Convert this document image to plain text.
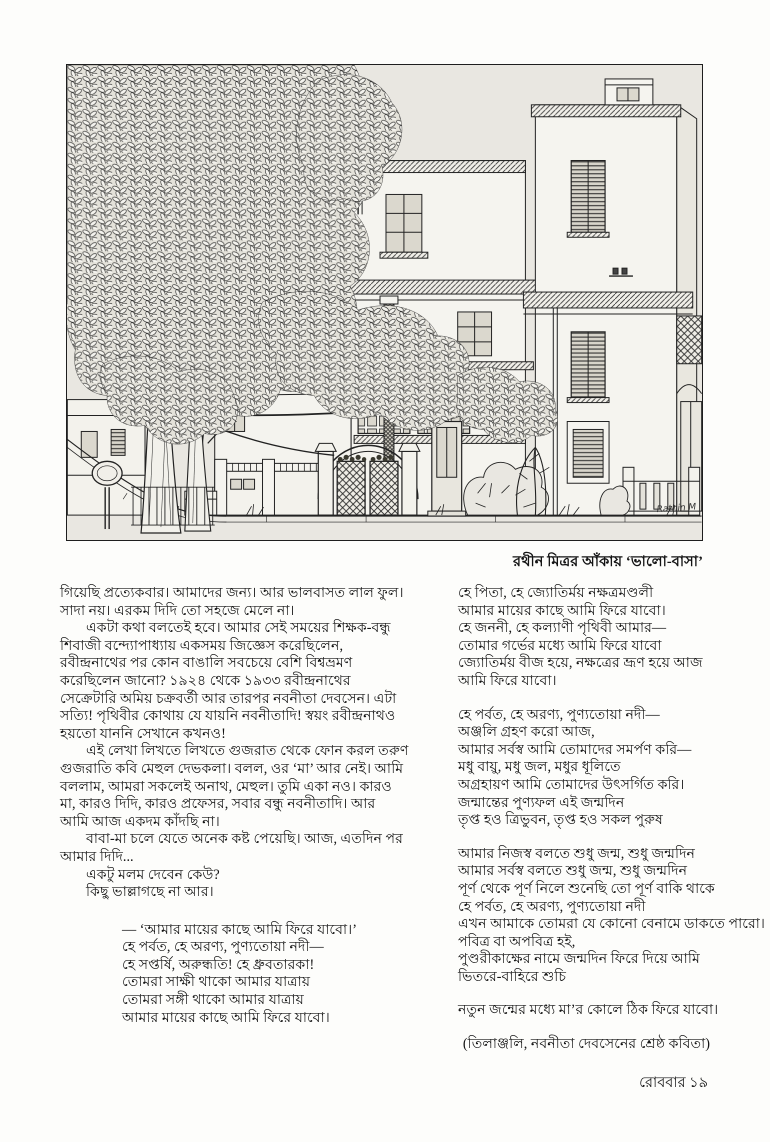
Rathin M
রথীন মিত্রর আঁকায় ‘ভালো-বাসা’
গিয়েছি প্রত্যেকবার। আমাদের জন্য। আর ভালবাসত লাল ফুল।
সাদা নয়। এরকম দিদি তো সহজে মেলে না।
একটা কথা বলতেই হবে। আমার সেই সময়ের শিক্ষক-বন্ধু
শিবাজী বন্দ্যোপাধ্যায় একসময় জিজ্ঞেস করেছিলেন,
রবীন্দ্রনাথের পর কোন বাঙালি সবচেয়ে বেশি বিশ্বভ্রমণ
করেছিলেন জানো? ১৯২৪ থেকে ১৯৩৩ রবীন্দ্রনাথের
সেক্রেটারি অমিয় চক্রবর্তী আর তারপর নবনীতা দেবসেন। এটা
সত্যি! পৃথিবীর কোথায় যে যায়নি নবনীতাদি! স্বয়ং রবীন্দ্রনাথও
হয়তো যাননি সেখানে কখনও!
এই লেখা লিখতে লিখতে গুজরাত থেকে ফোন করল তরুণ
গুজরাতি কবি মেহুল দেভকলা। বলল, ওর ‘মা’ আর নেই। আমি
বললাম, আমরা সকলেই অনাথ, মেহুল। তুমি একা নও। কারও
মা, কারও দিদি, কারও প্রফেসর, সবার বন্ধু নবনীতাদি। আর
আমি আজ একদম কাঁদছি না।
বাবা-মা চলে যেতে অনেক কষ্ট পেয়েছি। আজ, এতদিন পর
আমার দিদি...
একটু মলম দেবেন কেউ?
কিছু ভাল্লাগছে না আর।
— ‘আমার মায়ের কাছে আমি ফিরে যাবো।’
হে পর্বত, হে অরণ্য, পুণ্যতোয়া নদী—
হে সপ্তর্ষি, অরুন্ধতি! হে ধ্রুবতারকা!
তোমরা সাক্ষী থাকো আমার যাত্রায়
তোমরা সঙ্গী থাকো আমার যাত্রায়
আমার মায়ের কাছে আমি ফিরে যাবো।
হে পিতা, হে জ্যোতির্ময় নক্ষত্রমণ্ডলী
আমার মায়ের কাছে আমি ফিরে যাবো।
হে জননী, হে কল্যাণী পৃথিবী আমার—
তোমার গর্ভের মধ্যে আমি ফিরে যাবো
জ্যোতির্ময় বীজ হয়ে, নক্ষত্রের ভ্রূণ হয়ে আজ
আমি ফিরে যাবো।
হে পর্বত, হে অরণ্য, পুণ্যতোয়া নদী—
অঞ্জলি গ্রহণ করো আজ,
আমার সর্বস্ব আমি তোমাদের সমর্পণ করি—
মধু বায়ু, মধু জল, মধুর ধূলিতে
অগ্রহায়ণ আমি তোমাদের উৎসর্গিত করি।
জন্মান্তের পুণ্যফল এই জন্মদিন
তৃপ্ত হও ত্রিভুবন, তৃপ্ত হও সকল পুরুষ
আমার নিজস্ব বলতে শুধু জন্ম, শুধু জন্মদিন
আমার সর্বস্ব বলতে শুধু জন্ম, শুধু জন্মদিন
পূর্ণ থেকে পূর্ণ নিলে শুনেছি তো পূর্ণ বাকি থাকে
হে পর্বত, হে অরণ্য, পুণ্যতোয়া নদী
এখন আমাকে তোমরা যে কোনো বেনামে ডাকতে পারো।
পবিত্র বা অপবিত্র হই,
পুণ্ডরীকাক্ষের নামে জন্মদিন ফিরে দিয়ে আমি
ভিতরে-বাহিরে শুচি
নতুন জন্মের মধ্যে মা’র কোলে ঠিক ফিরে যাবো।
(তিলাঞ্জলি, নবনীতা দেবসেনের শ্রেষ্ঠ কবিতা)
রোববার ১৯
